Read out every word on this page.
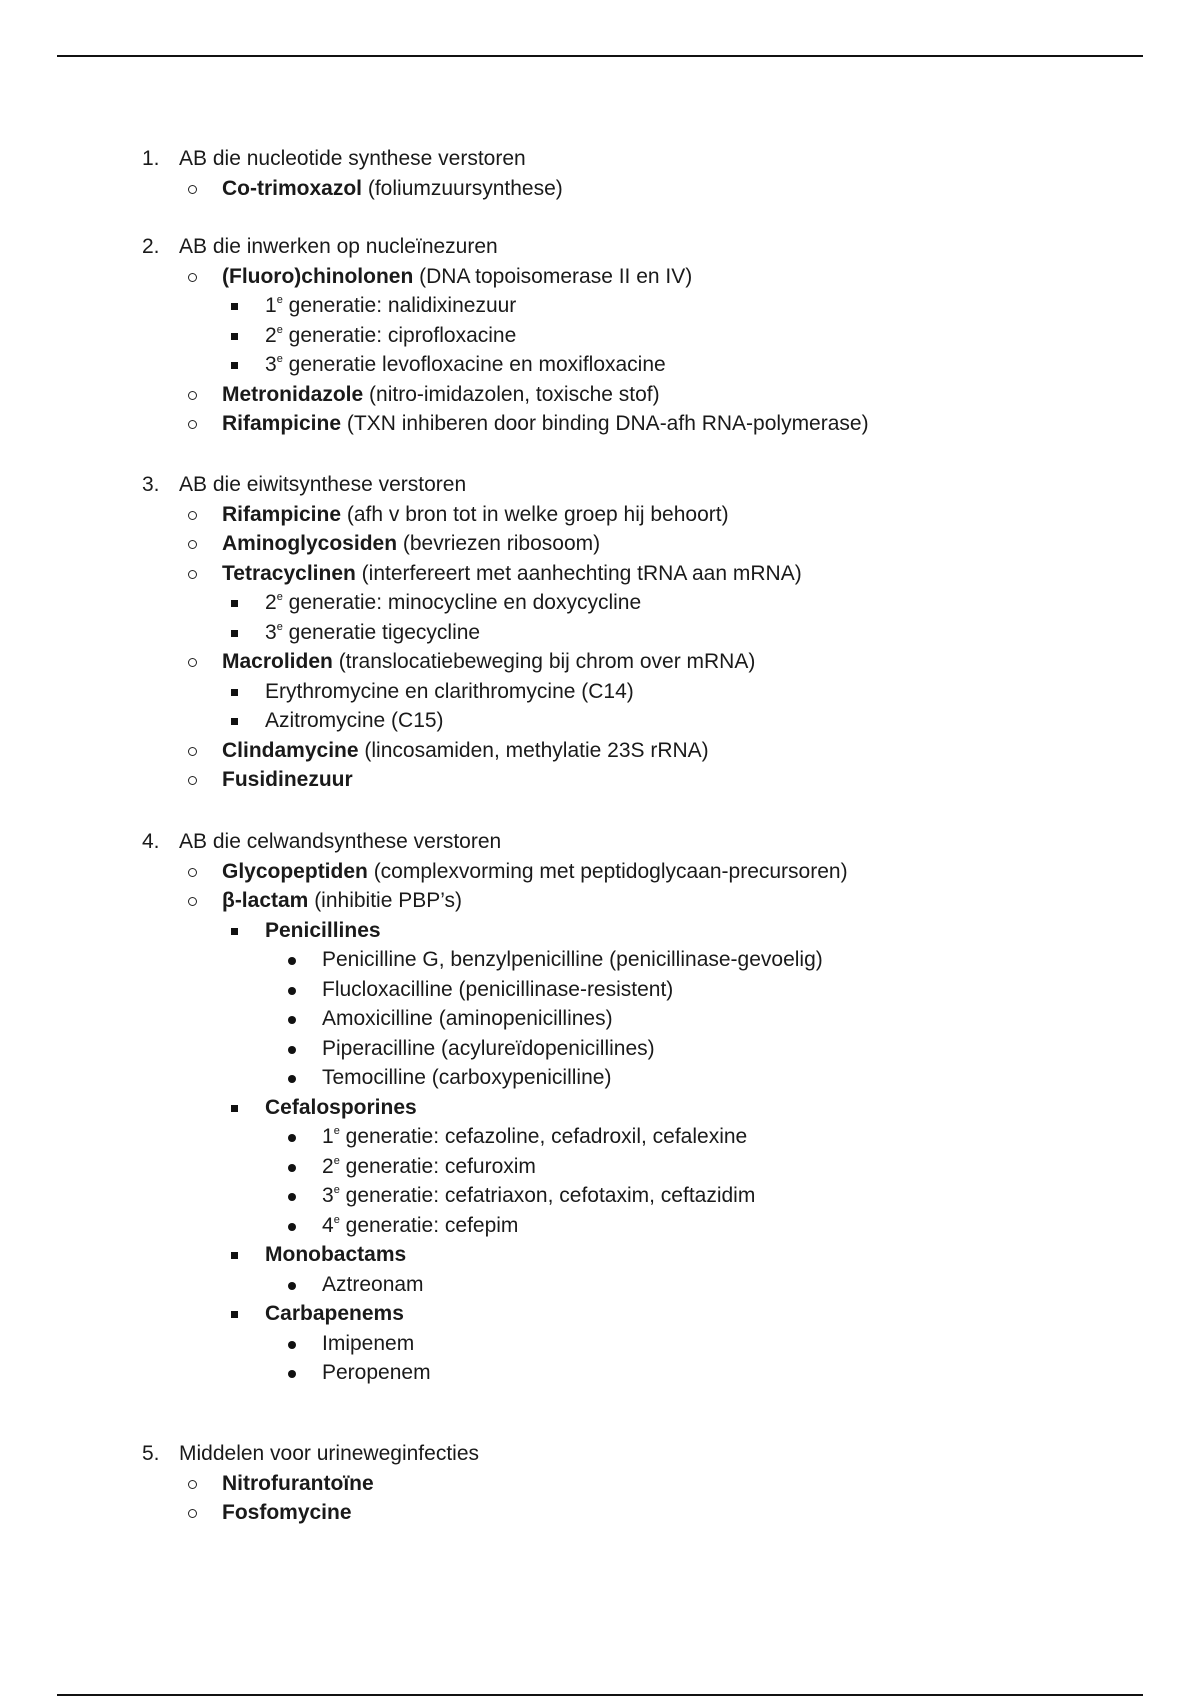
1. AB die nucleotide synthese verstoren
Co-trimoxazol (foliumzuursynthese)
2. AB die inwerken op nucleïnezuren
(Fluoro)chinolonen (DNA topoisomerase II en IV)
1e generatie: nalidixinezuur
2e generatie: ciprofloxacine
3e generatie levofloxacine en moxifloxacine
Metronidazole (nitro-imidazolen, toxische stof)
Rifampicine (TXN inhiberen door binding DNA-afh RNA-polymerase)
3. AB die eiwitsynthese verstoren
Rifampicine (afh v bron tot in welke groep hij behoort)
Aminoglycosiden (bevriezen ribosoom)
Tetracyclinen (interfereert met aanhechting tRNA aan mRNA)
2e generatie: minocycline en doxycycline
3e generatie tigecycline
Macroliden (translocatiebeweging bij chrom over mRNA)
Erythromycine en clarithromycine (C14)
Azitromycine (C15)
Clindamycine (lincosamiden, methylatie 23S rRNA)
Fusidinezuur
4. AB die celwandsynthese verstoren
Glycopeptiden (complexvorming met peptidoglycaan-precursoren)
β-lactam (inhibitie PBP’s)
Penicillines
Penicilline G, benzylpenicilline (penicillinase-gevoelig)
Flucloxacilline (penicillinase-resistent)
Amoxicilline (aminopenicillines)
Piperacilline (acylureïdopenicillines)
Temocilline (carboxypenicilline)
Cefalosporines
1e generatie: cefazoline, cefadroxil, cefalexine
2e generatie: cefuroxim
3e generatie: cefatriaxon, cefotaxim, ceftazidim
4e generatie: cefepim
Monobactams
Aztreonam
Carbapenems
Imipenem
Peropenem
5. Middelen voor urineweginfecties
Nitrofurantoïne
Fosfomycine
